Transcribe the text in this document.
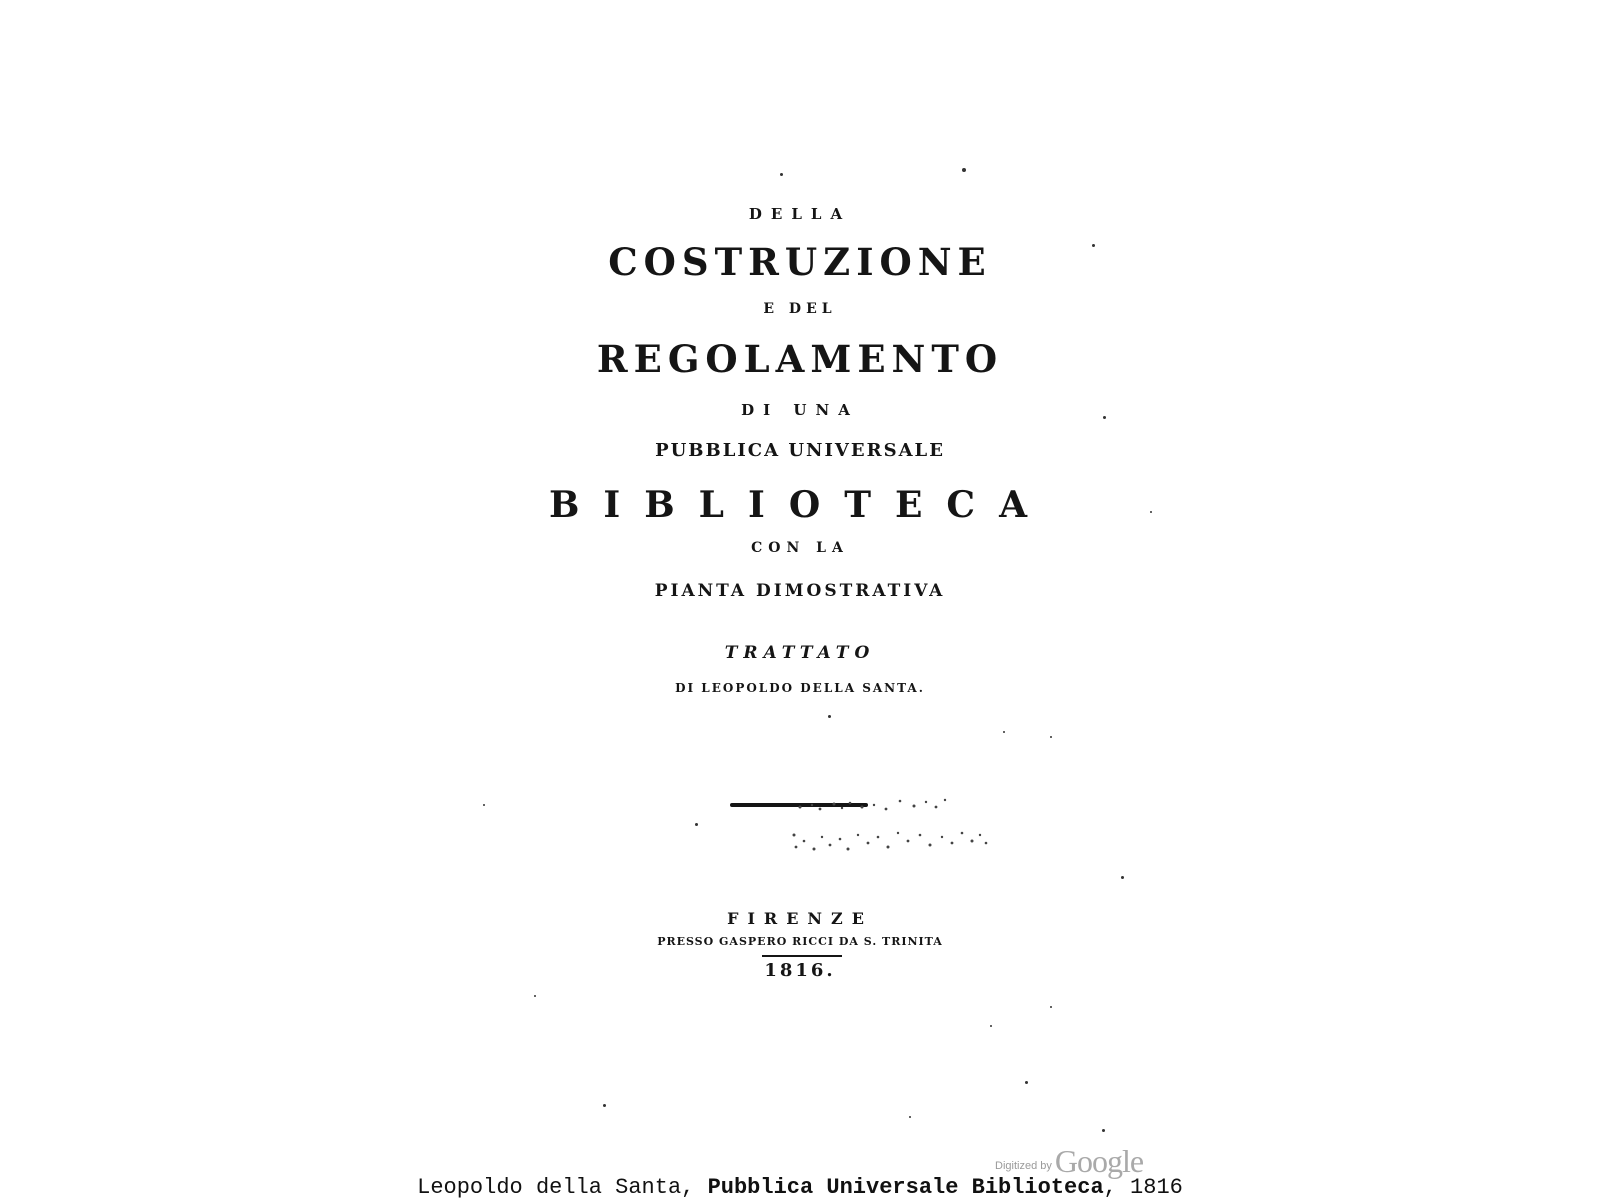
DELLA
COSTRUZIONE
E DEL
REGOLAMENTO
DI UNA
PUBBLICA UNIVERSALE
BIBLIOTECA
CON LA
PIANTA DIMOSTRATIVA
TRATTATO
DI LEOPOLDO DELLA SANTA.
FIRENZE
PRESSO GASPERO RICCI DA S. TRINITA
1816.
Digitized by Google
Leopoldo della Santa, Pubblica Universale Biblioteca, 1816
